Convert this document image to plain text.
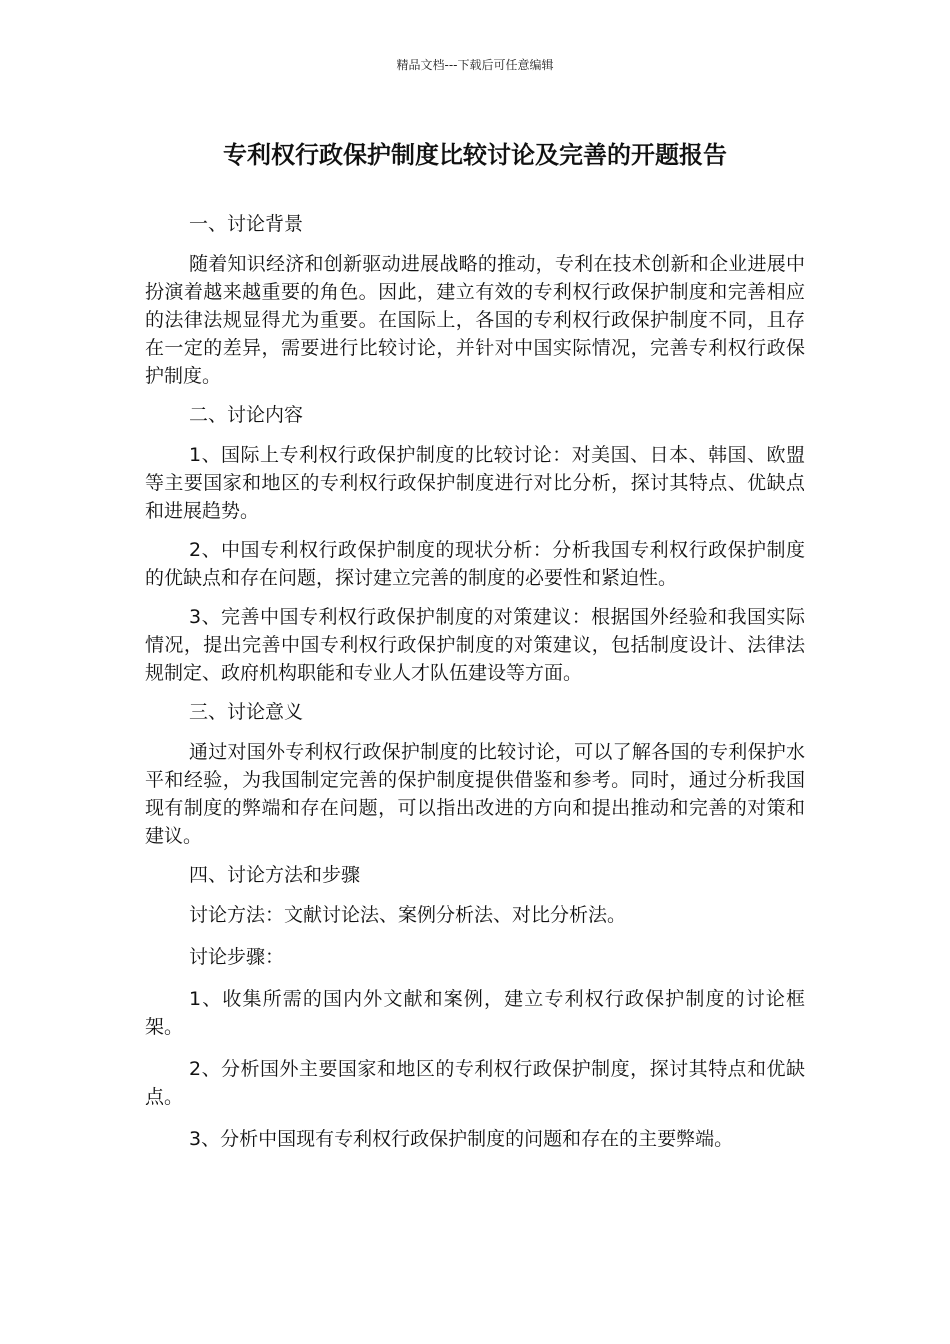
精品文档---下载后可任意编辑
专利权行政保护制度比较讨论及完善的开题报告

一、讨论背景

随着知识经济和创新驱动进展战略的推动，专利在技术创新和企业进展中扮演着越来越重要的角色。因此，建立有效的专利权行政保护制度和完善相应的法律法规显得尤为重要。在国际上，各国的专利权行政保护制度不同，且存在一定的差异，需要进行比较讨论，并针对中国实际情况，完善专利权行政保护制度。

二、讨论内容

1、国际上专利权行政保护制度的比较讨论：对美国、日本、韩国、欧盟等主要国家和地区的专利权行政保护制度进行对比分析，探讨其特点、优缺点和进展趋势。

2、中国专利权行政保护制度的现状分析：分析我国专利权行政保护制度的优缺点和存在问题，探讨建立完善的制度的必要性和紧迫性。

3、完善中国专利权行政保护制度的对策建议：根据国外经验和我国实际情况，提出完善中国专利权行政保护制度的对策建议，包括制度设计、法律法规制定、政府机构职能和专业人才队伍建设等方面。

三、讨论意义

通过对国外专利权行政保护制度的比较讨论，可以了解各国的专利保护水平和经验，为我国制定完善的保护制度提供借鉴和参考。同时，通过分析我国现有制度的弊端和存在问题，可以指出改进的方向和提出推动和完善的对策和建议。

四、讨论方法和步骤

讨论方法：文献讨论法、案例分析法、对比分析法。

讨论步骤：

1、收集所需的国内外文献和案例，建立专利权行政保护制度的讨论框架。

2、分析国外主要国家和地区的专利权行政保护制度，探讨其特点和优缺点。

3、分析中国现有专利权行政保护制度的问题和存在的主要弊端。
